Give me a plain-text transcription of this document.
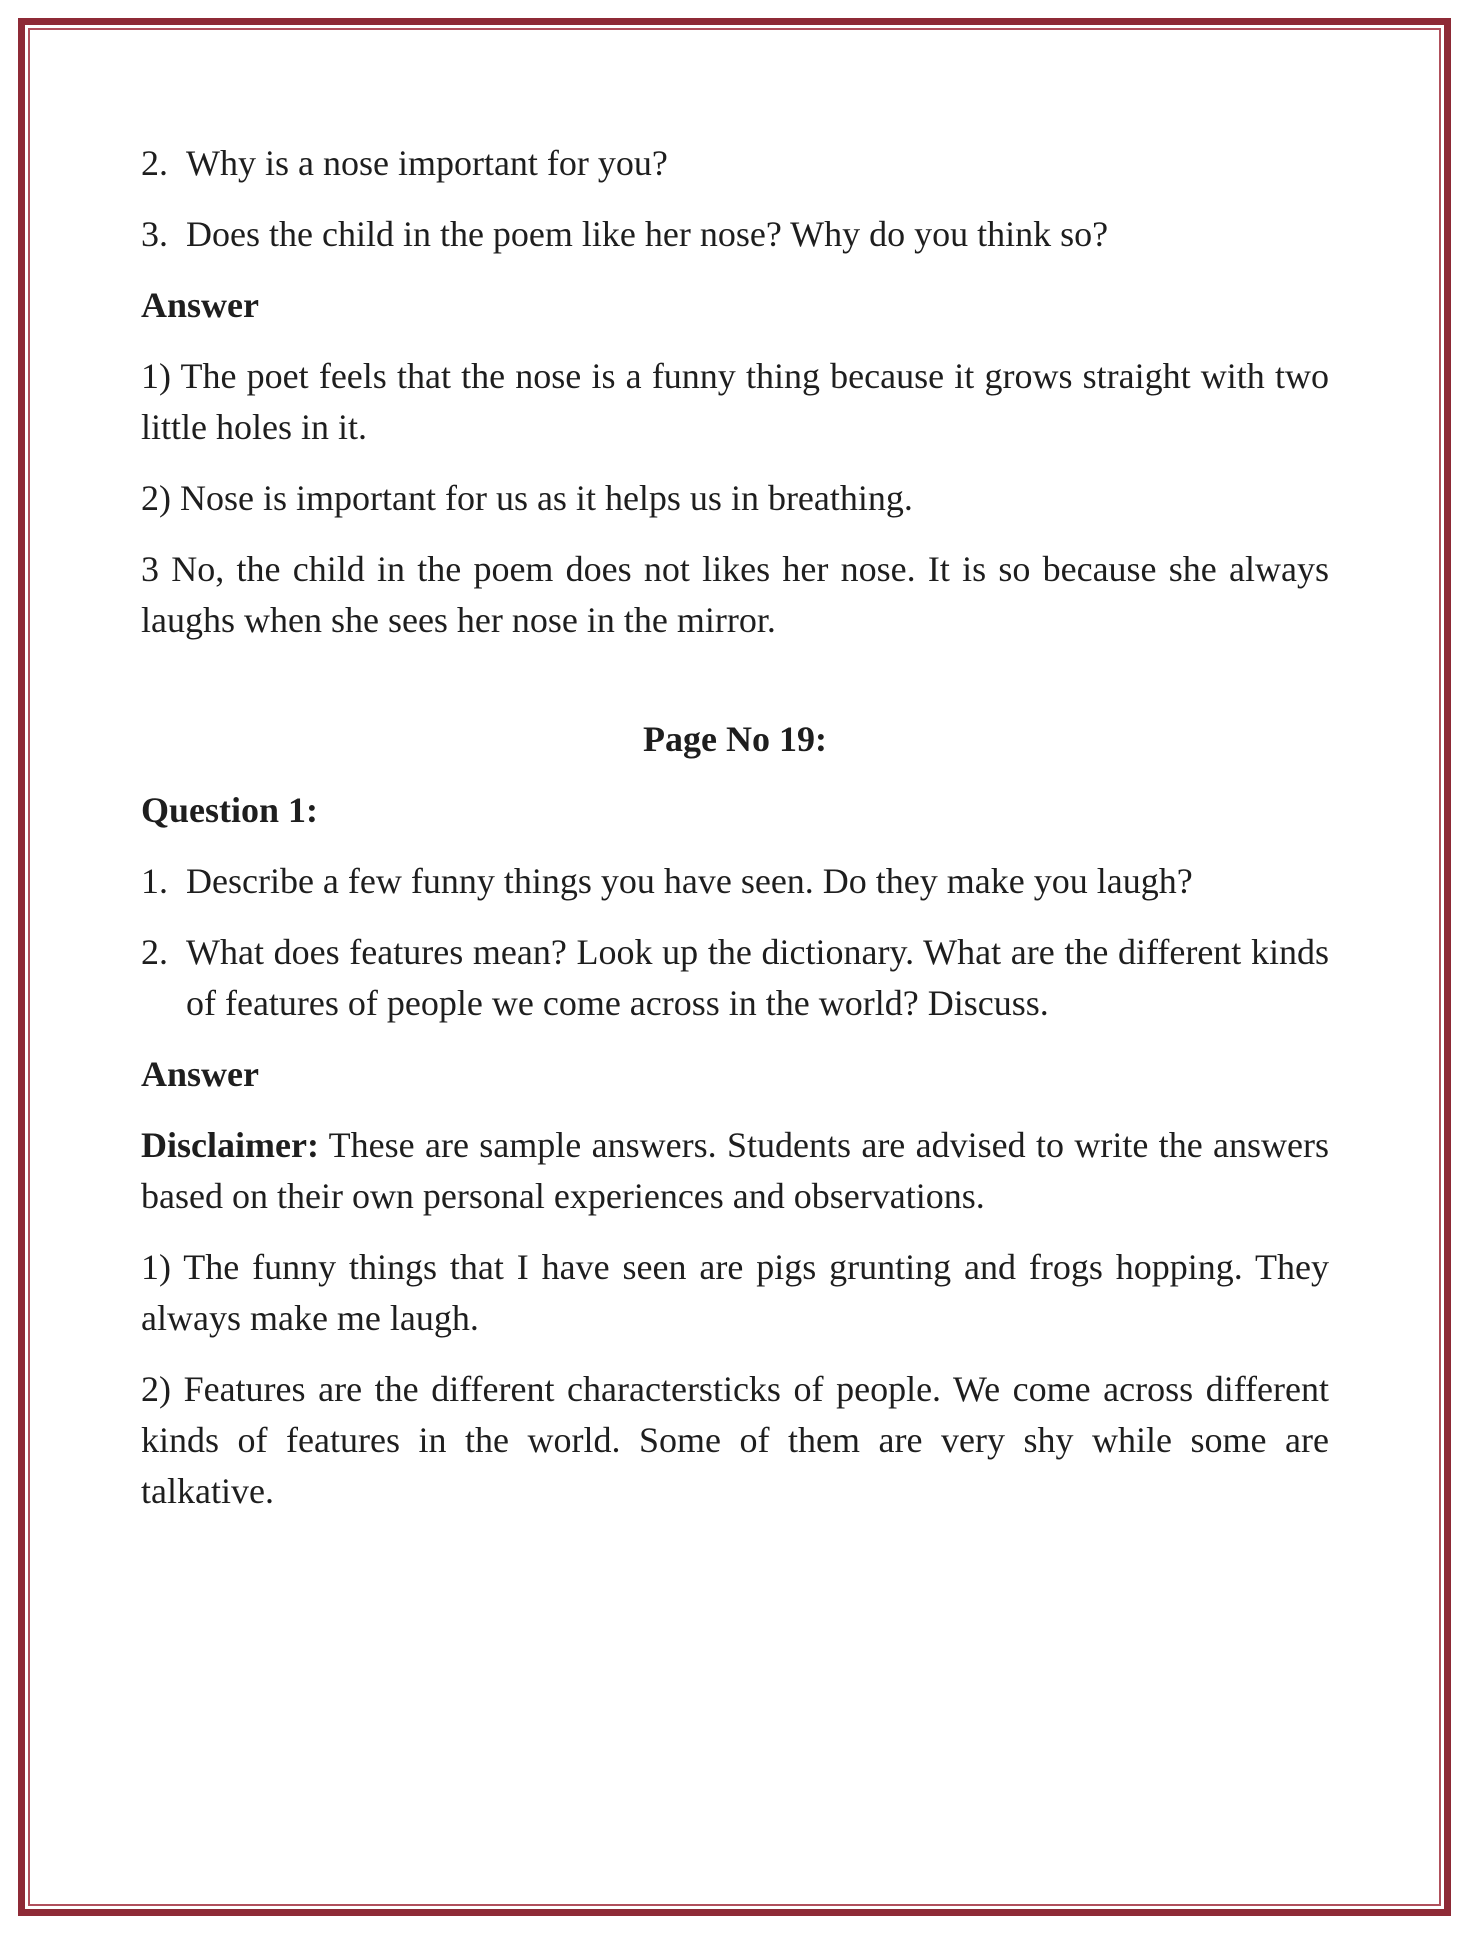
2. Why is a nose important for you?
3. Does the child in the poem like her nose? Why do you think so?

Answer

1) The poet feels that the nose is a funny thing because it grows straight with two little holes in it.

2) Nose is important for us as it helps us in breathing.

3 No, the child in the poem does not likes her nose. It is so because she always laughs when she sees her nose in the mirror.

Page No 19:

Question 1:

1. Describe a few funny things you have seen. Do they make you laugh?
2. What does features mean? Look up the dictionary. What are the different kinds of features of people we come across in the world? Discuss.

Answer

Disclaimer: These are sample answers. Students are advised to write the answers based on their own personal experiences and observations.

1) The funny things that I have seen are pigs grunting and frogs hopping. They always make me laugh.

2) Features are the different charactersticks of people. We come across different kinds of features in the world. Some of them are very shy while some are talkative.
